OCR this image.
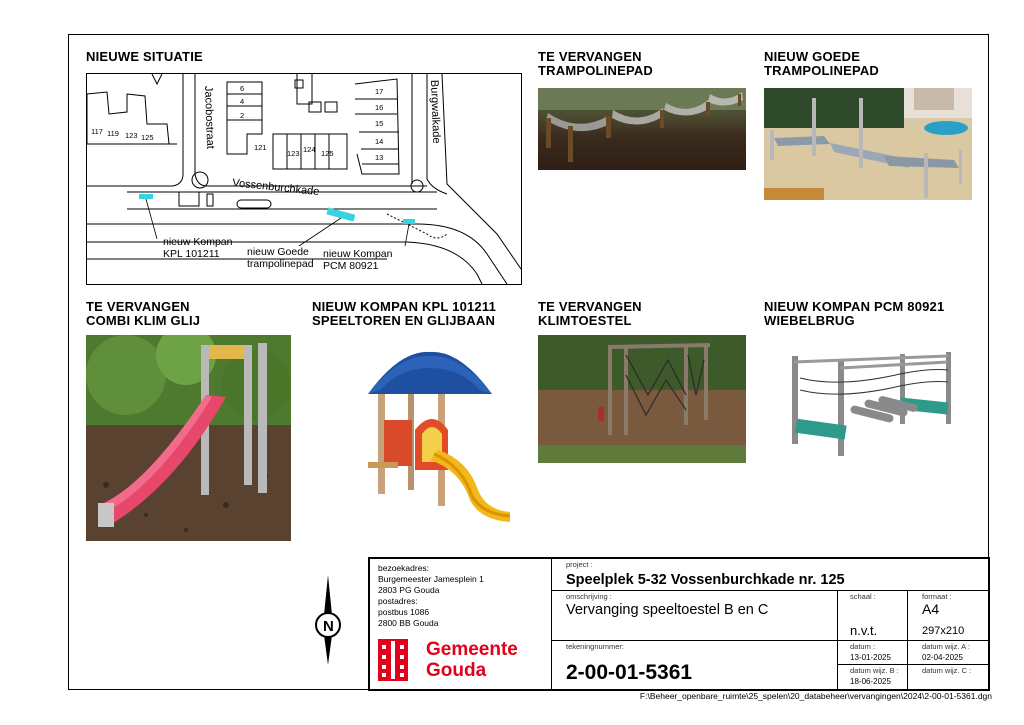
NIEUWE SITUATIE	TE VERVANGEN
TRAMPOLINEPAD
NIEUW GOEDE
TRAMPOLINEPAD
TE VERVANGEN
COMBI KLIM GLIJ
NIEUW KOMPAN KPL 101211
SPEELTOREN EN GLIJBAAN
TE VERVANGEN
KLIMTOESTEL
NIEUW KOMPAN PCM 80921
WIEBELBRUG
Jacobostraat	Burgwalkade
Vossenburchkade
117 119 123 125
6
4
2
121
123 124 125
17
16
15
14
13
nieuw Kompan
KPL 101211	nieuw Goede
trampolinepad
nieuw Kompan
PCM 80921
N
bezoekadres:
Burgemeester Jamesplein 1
2803 PG Gouda
postadres:
postbus 1086
2800 BB Gouda
Gemeente
Gouda
project :
Speelplek 5-32 Vossenburchkade nr. 125
omschrijving :
Vervanging speeltoestel B en C
schaal :
n.v.t.
formaat :
A4
297x210
tekeningnummer:
2-00-01-5361
datum :
13-01-2025
datum wijz. A :
02-04-2025
datum wijz. B :
18-06-2025
datum wijz. C :
F:\Beheer_openbare_ruimte\25_spelen\20_databeheer\vervangingen\2024\2-00-01-5361.dgn
